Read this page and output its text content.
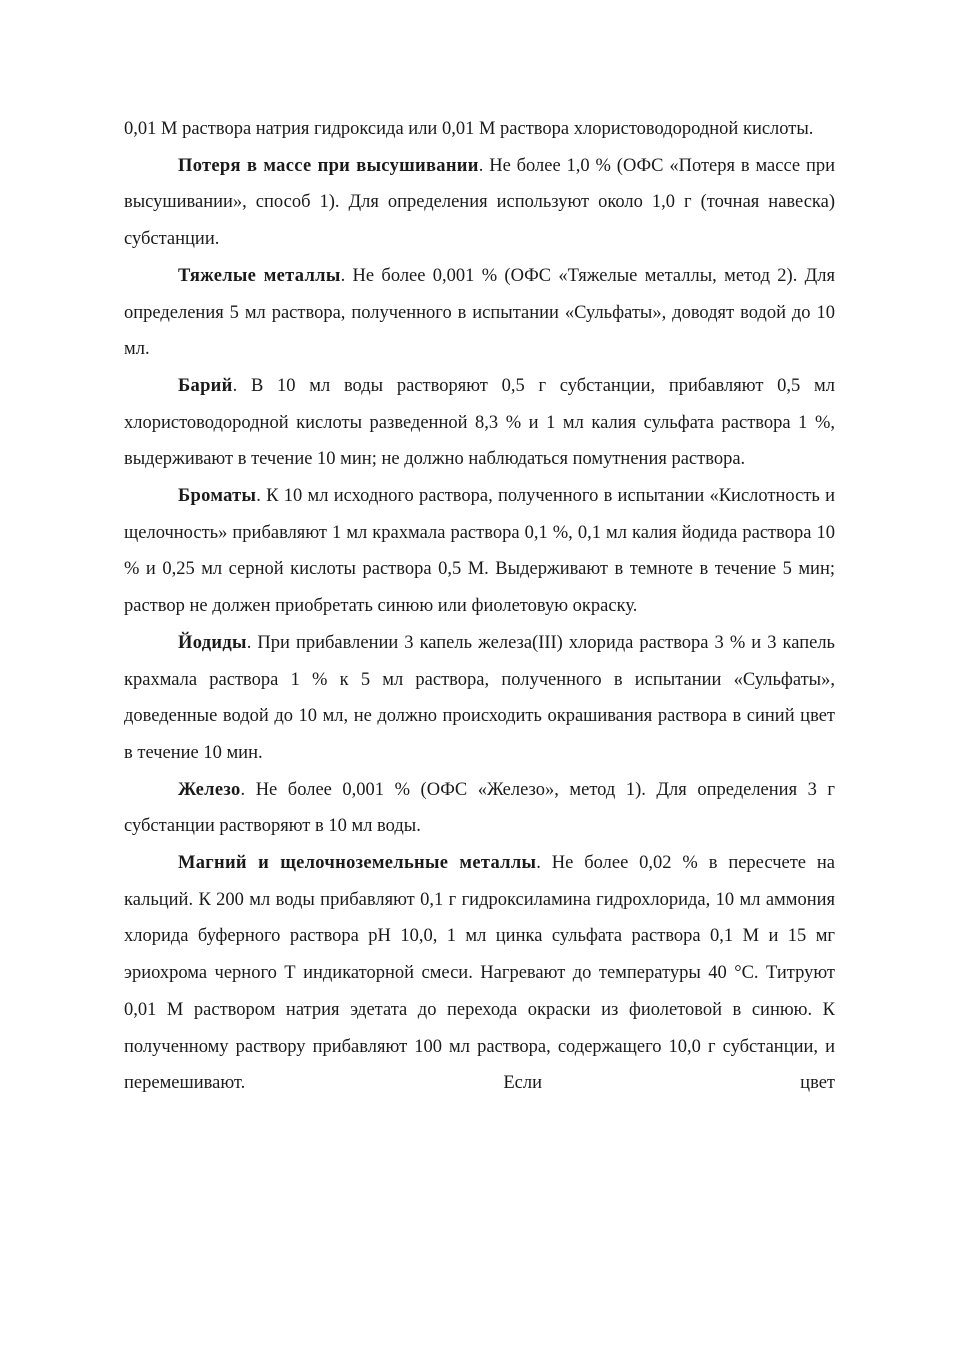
0,01 М раствора натрия гидроксида или 0,01 М раствора хлористоводородной кислоты.

Потеря в массе при высушивании. Не более 1,0 % (ОФС «Потеря в массе при высушивании», способ 1). Для определения используют около 1,0 г (точная навеска) субстанции.

Тяжелые металлы. Не более 0,001 % (ОФС «Тяжелые металлы, метод 2). Для определения 5 мл раствора, полученного в испытании «Сульфаты», доводят водой до 10 мл.

Барий. В 10 мл воды растворяют 0,5 г субстанции, прибавляют 0,5 мл хлористоводородной кислоты разведенной 8,3 % и 1 мл калия сульфата раствора 1 %, выдерживают в течение 10 мин; не должно наблюдаться помутнения раствора.

Броматы. К 10 мл исходного раствора, полученного в испытании «Кислотность и щелочность» прибавляют 1 мл крахмала раствора 0,1 %, 0,1 мл калия йодида раствора 10 % и 0,25 мл серной кислоты раствора 0,5 М. Выдерживают в темноте в течение 5 мин; раствор не должен приобретать синюю или фиолетовую окраску.

Йодиды. При прибавлении 3 капель железа(III) хлорида раствора 3 % и 3 капель крахмала раствора 1 % к 5 мл раствора, полученного в испытании «Сульфаты», доведенные водой до 10 мл, не должно происходить окрашивания раствора в синий цвет в течение 10 мин.

Железо. Не более 0,001 % (ОФС «Железо», метод 1). Для определения 3 г субстанции растворяют в 10 мл воды.

Магний и щелочноземельные металлы. Не более 0,02 % в пересчете на кальций. К 200 мл воды прибавляют 0,1 г гидроксиламина гидрохлорида, 10 мл аммония хлорида буферного раствора pH 10,0, 1 мл цинка сульфата раствора 0,1 М и 15 мг эриохрома черного Т индикаторной смеси. Нагревают до температуры 40 °С. Титруют 0,01 М раствором натрия эдетата до перехода окраски из фиолетовой в синюю. К полученному раствору прибавляют 100 мл раствора, содержащего 10,0 г субстанции, и перемешивают. Если цвет
